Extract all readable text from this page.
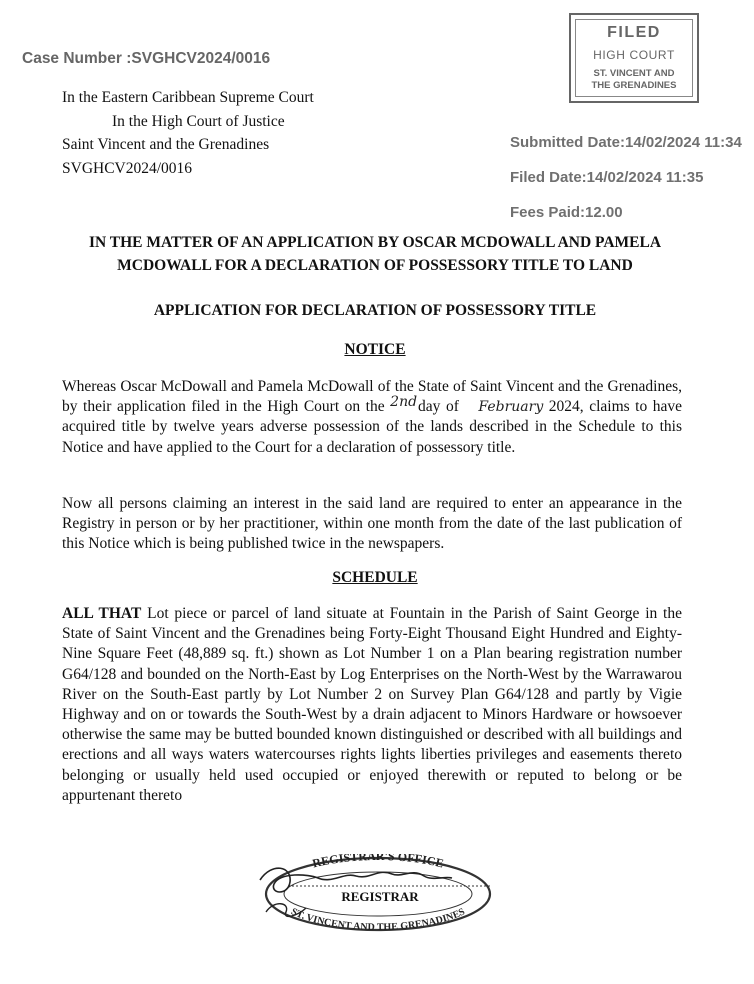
Case Number :SVGHCV2024/0016
In the Eastern Caribbean Supreme Court
In the High Court of Justice
Saint Vincent and the Grenadines
SVGHCV2024/0016
FILED
HIGH COURT
ST. VINCENT AND
THE GRENADINES
Submitted Date:14/02/2024 11:34
Filed Date:14/02/2024 11:35
Fees Paid:12.00
IN THE MATTER OF AN APPLICATION BY OSCAR MCDOWALL AND PAMELA
MCDOWALL FOR A DECLARATION OF POSSESSORY TITLE TO LAND
APPLICATION FOR DECLARATION OF POSSESSORY TITLE
NOTICE
Whereas Oscar McDowall and Pamela McDowall of the State of Saint Vincent and the Grenadines, by their application filed in the High Court on the 2ndday of February 2024, claims to have acquired title by twelve years adverse possession of the lands described in the Schedule to this Notice and have applied to the Court for a declaration of possessory title.
Now all persons claiming an interest in the said land are required to enter an appearance in the Registry in person or by her practitioner, within one month from the date of the last publication of this Notice which is being published twice in the newspapers.
SCHEDULE
ALL THAT Lot piece or parcel of land situate at Fountain in the Parish of Saint George in the State of Saint Vincent and the Grenadines being Forty-Eight Thousand Eight Hundred and Eighty-Nine Square Feet (48,889 sq. ft.) shown as Lot Number 1 on a Plan bearing registration number G64/128 and bounded on the North-East by Log Enterprises on the North-West by the Warrawarou River on the South-East partly by Lot Number 2 on Survey Plan G64/128 and partly by Vigie Highway and on or towards the South-West by a drain adjacent to Minors Hardware or howsoever otherwise the same may be butted bounded known distinguished or described with all buildings and erections and all ways waters watercourses rights lights liberties privileges and easements thereto belonging or usually held used occupied or enjoyed therewith or reputed to belong or be appurtenant thereto
REGISTRAR'S OFFICE
ST. VINCENT AND THE GRENADINES
REGISTRAR
